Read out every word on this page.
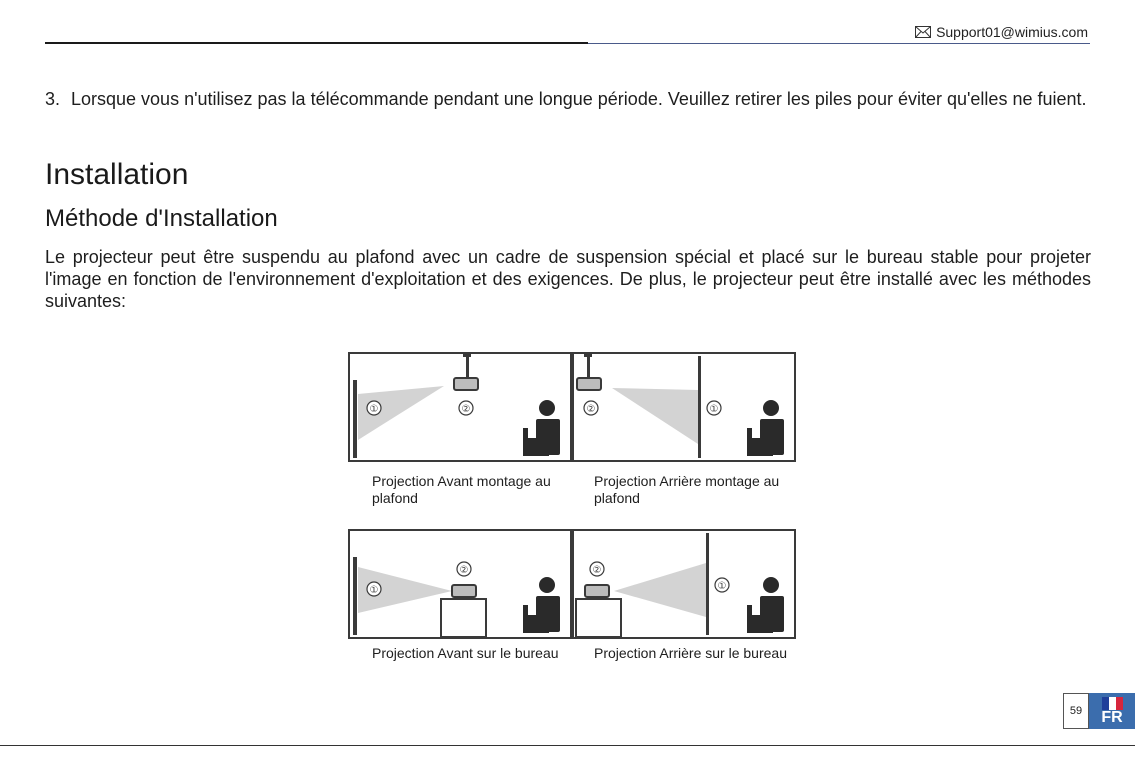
Support01@wimius.com
3. Lorsque vous n'utilisez pas la télécommande pendant une longue période. Veuillez retirer les piles pour éviter qu'elles ne fuient.
Installation
Méthode d'Installation
Le projecteur peut être suspendu au plafond avec un cadre de suspension spécial et placé sur le bureau stable pour projeter l'image en fonction de l'environnement d'exploitation et des exigences. De plus, le projecteur peut être installé avec les méthodes suivantes:
①	②	②	①
Projection Avant montage au plafond
Projection Arrière montage au plafond
①
②	②
①
Projection Avant sur le bureau	Projection Arrière sur le bureau
59	FR
